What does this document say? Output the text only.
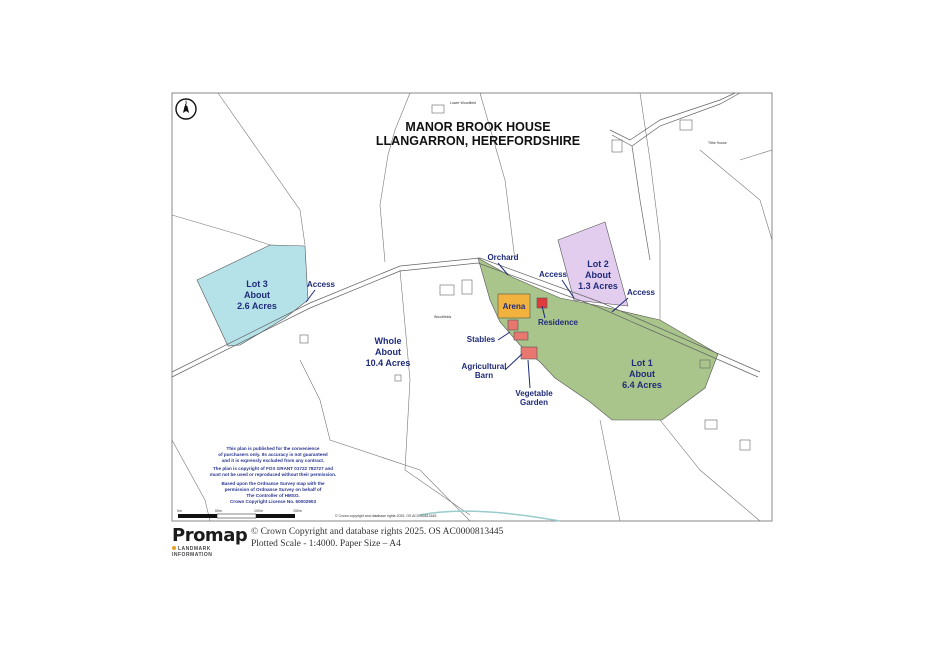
N
MANOR BROOK HOUSE
LLANGARRON, HEREFORDSHIRE
Lot 3
About
2.6 Acres
Lot 2
About
1.3 Acres
Lot 1
About
6.4 Acres
Whole
About
10.4 Acres
Access
Access
Access
Orchard
Arena
Residence
Stables
Agricultural
Barn
Vegetable
Garden
Lower Woodfield
Tithe House
Woodfields
This plan is published for the convenience
of purchasers only. Its accuracy is not guaranteed
and it is expressly excluded from any contract.
The plan is copyright of FOX GRANT 01722 782727 and
must not be used or reproduced without their permission.
Based upon the Ordnance Survey map with the
permission of Ordnance Survey on behalf of
The Controller of HMSO.
Crown Copyright Licence No. 60002903
0m	50m	100m	150m
© Crown copyright and database rights 2025. OS AC0000813445
Promap
LANDMARK INFORMATION
© Crown Copyright and database rights 2025. OS AC0000813445
Plotted Scale - 1:4000. Paper Size – A4
